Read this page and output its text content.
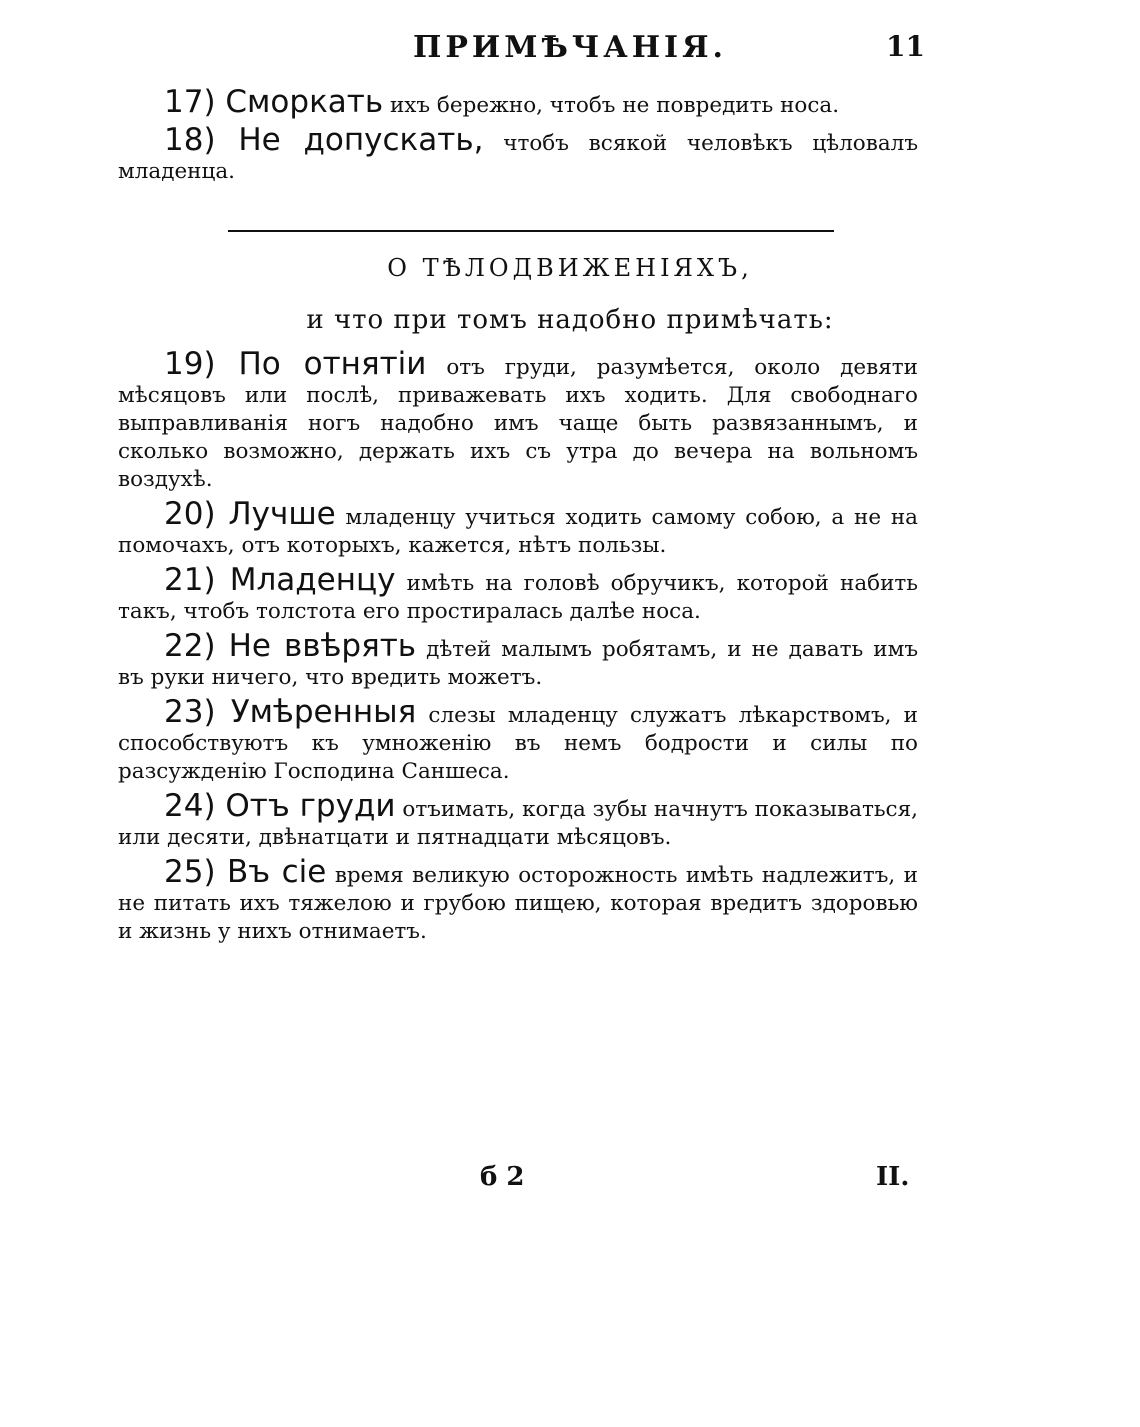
ПРИМѢЧАНІЯ.	11

17) Сморкать ихъ бережно, чтобъ не повредить носа.

18) Не допускать, чтобъ всякой человѣкъ цѣловалъ младенца.

О ТѢЛОДВИЖЕНІЯХЪ,
и что при томъ надобно примѣчать:

19) По отнятіи отъ груди, разумѣется, около девяти мѣсяцовъ или послѣ, приважевать ихъ ходить. Для свободнаго выправливанія ногъ надобно имъ чаще быть развязаннымъ, и сколько возможно, держать ихъ съ утра до вечера на вольномъ воздухѣ.

20) Лучше младенцу учиться ходить самому собою, а не на помочахъ, отъ которыхъ, кажется, нѣтъ пользы.

21) Младенцу имѣть на головѣ обручикъ, которой набить такъ, чтобъ толстота его простиралась далѣе носа.

22) Не ввѣрять дѣтей малымъ робятамъ, и не давать имъ въ руки ничего, что вредить можетъ.

23) Умѣренныя слезы младенцу служатъ лѣкарствомъ, и способствуютъ къ умноженію въ немъ бодрости и силы по разсужденію Господина Саншеса.

24) Отъ груди отъимать, когда зубы начнутъ показываться, или десяти, двѣнатцати и пятнадцати мѣсяцовъ.

25) Въ сіе время великую осторожность имѣть надлежитъ, и не питать ихъ тяжелою и грубою пищею, которая вредитъ здоровью и жизнь у нихъ отнимаетъ.

б 2	II.
